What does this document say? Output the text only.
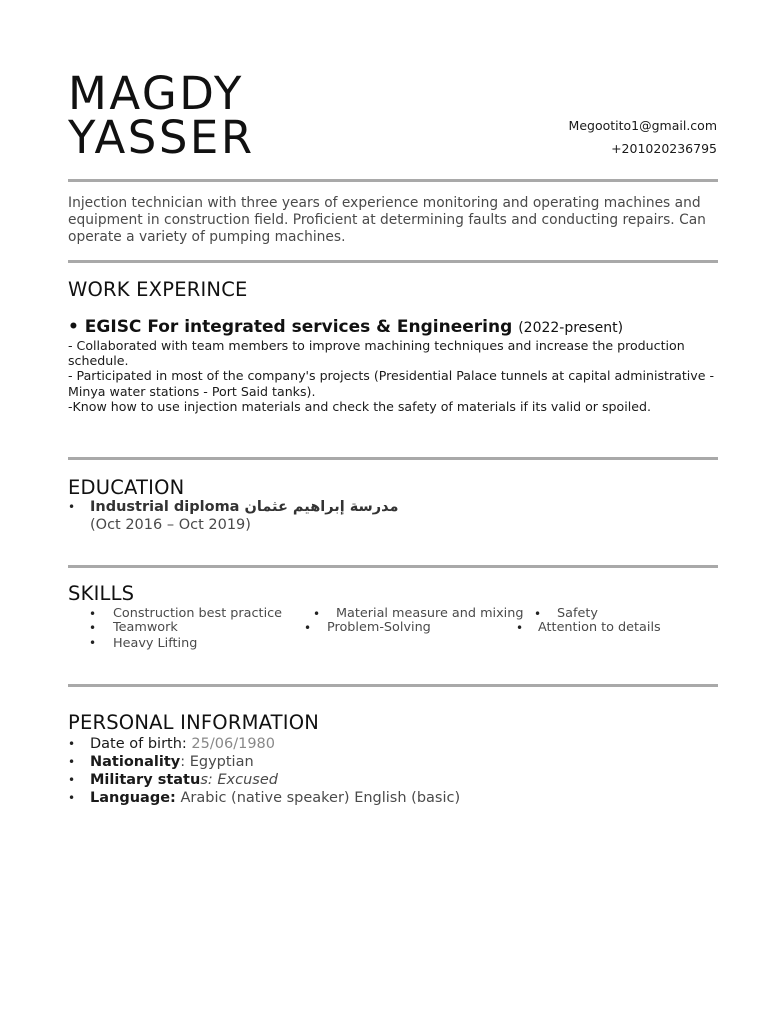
MAGDY
YASSER	Megootito1@gmail.com
+201020236795
Injection technician with three years of experience monitoring and operating machines and equipment in construction field. Proficient at determining faults and conducting repairs. Can operate a variety of pumping machines.
WORK EXPERINCE
• EGISC For integrated services & Engineering (2022-present)
- Collaborated with team members to improve machining techniques and increase the production schedule.
- Participated in most of the company's projects (Presidential Palace tunnels at capital administrative - Minya water stations - Port Said tanks).
-Know how to use injection materials and check the safety of materials if its valid or spoiled.
EDUCATION
• Industrial diploma مدرسة إبراهيم عثمان
(Oct 2016 – Oct 2019)
SKILLS
• Construction best practice	• Material measure and mixing • Safety
• Teamwork	• Problem-Solving	• Attention to details
• Heavy Lifting
PERSONAL INFORMATION
• Date of birth: 25/06/1980
• Nationality: Egyptian
• Military status: Excused
• Language: Arabic (native speaker) English (basic)
